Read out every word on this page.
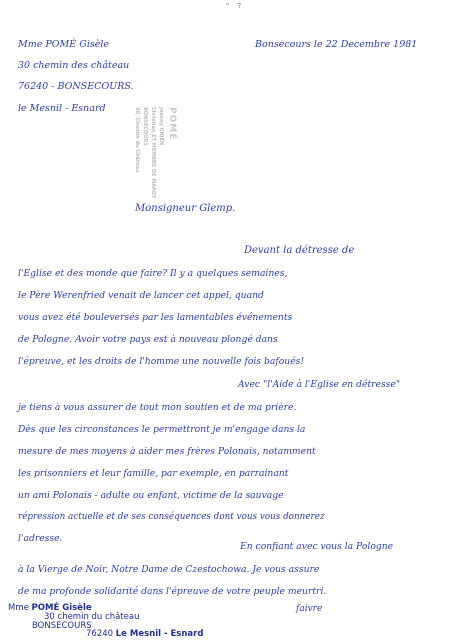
" ?
Mme POMÉ Gisèle
30 chemin des château
76240 - BONSECOURS.
le Mesnil - Esnard
Bonsecours le 22 Decembre 1981
POMÉ
Joanny CHIEN
Christian ET MEMBRE DE MAROY
BONSECOURS
30, Chemin du Château
Monsigneur Glemp.
Devant la détresse de
l'Eglise et des monde que faire? Il y a quelques semaines,
le Père Werenfried venait de lancer cet appel, quand
vous avez été bouleversés par les lamentables événements
de Pologne. Avoir votre pays est à nouveau plongé dans
l'épreuve, et les droits de l'homme une nouvelle fois bafoués!
Avec "l'Aide à l'Eglise en détresse"
je tiens à vous assurer de tout mon soutien et de ma prière.
Dès que les circonstances le permettront je m'engage dans la
mesure de mes moyens à aider mes frères Polonais, notamment
les prisonniers et leur famille, par exemple, en parrainant
un ami Polonais - adulte ou enfant, victime de la sauvage
répression actuelle et de ses conséquences dont vous vous donnerez
l'adresse.
En confiant avec vous la Pologne
à la Vierge de Noir, Notre Dame de Czestochowa. Je vous assure
de ma profonde solidarité dans l'épreuve de votre peuple meurtri.
faivre
Mme POMÉ Gisèle
30 chemin du château
BONSECOURS
76240 Le Mesnil - Esnard
